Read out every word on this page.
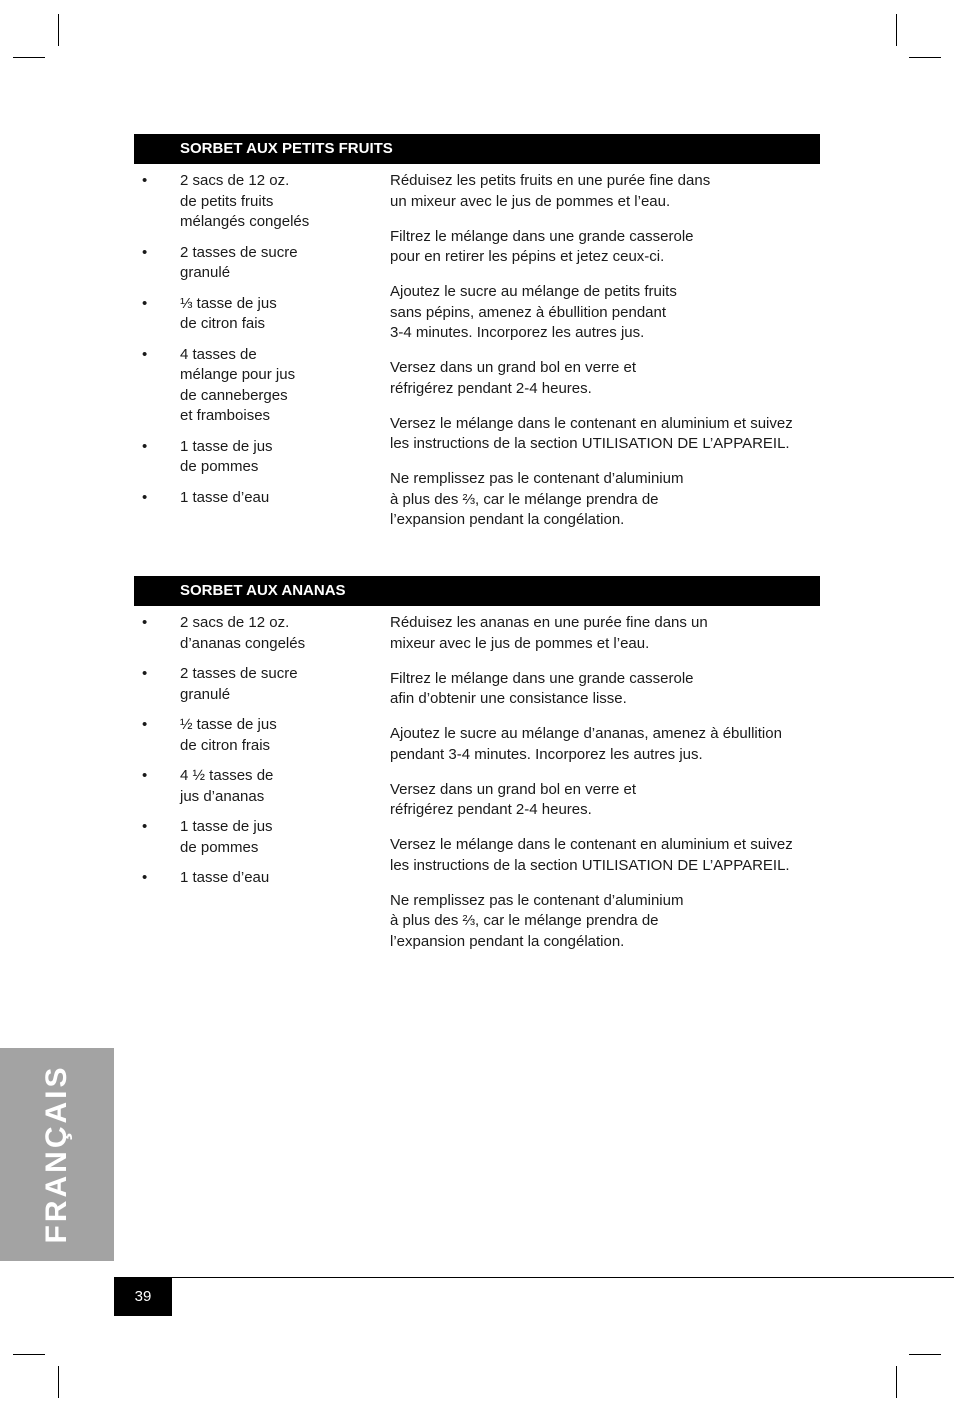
SORBET AUX PETITS FRUITS
• 2 sacs de 12 oz.
de petits fruits
mélangés congelés
• 2 tasses de sucre
granulé
• ⅓ tasse de jus
de citron fais
• 4 tasses de
mélange pour jus
de canneberges
et framboises
• 1 tasse de jus
de pommes
• 1 tasse d’eau

Réduisez les petits fruits en une purée fine dans
un mixeur avec le jus de pommes et l’eau.

Filtrez le mélange dans une grande casserole
pour en retirer les pépins et jetez ceux-ci.

Ajoutez le sucre au mélange de petits fruits
sans pépins, amenez à ébullition pendant
3-4 minutes. Incorporez les autres jus.

Versez dans un grand bol en verre et
réfrigérez pendant 2-4 heures.

Versez le mélange dans le contenant en aluminium et suivez
les instructions de la section UTILISATION DE L’APPAREIL.

Ne remplissez pas le contenant d’aluminium
à plus des ⅔, car le mélange prendra de
l’expansion pendant la congélation.

SORBET AUX ANANAS
• 2 sacs de 12 oz.
d’ananas congelés
• 2 tasses de sucre
granulé
• ½ tasse de jus
de citron frais
• 4 ½ tasses de
jus d’ananas
• 1 tasse de jus
de pommes
• 1 tasse d’eau

Réduisez les ananas en une purée fine dans un
mixeur avec le jus de pommes et l’eau.

Filtrez le mélange dans une grande casserole
afin d’obtenir une consistance lisse.

Ajoutez le sucre au mélange d’ananas, amenez à ébullition
pendant 3-4 minutes. Incorporez les autres jus.

Versez dans un grand bol en verre et
réfrigérez pendant 2-4 heures.

Versez le mélange dans le contenant en aluminium et suivez
les instructions de la section UTILISATION DE L’APPAREIL.

Ne remplissez pas le contenant d’aluminium
à plus des ⅔, car le mélange prendra de
l’expansion pendant la congélation.

FRANÇAIS
39
